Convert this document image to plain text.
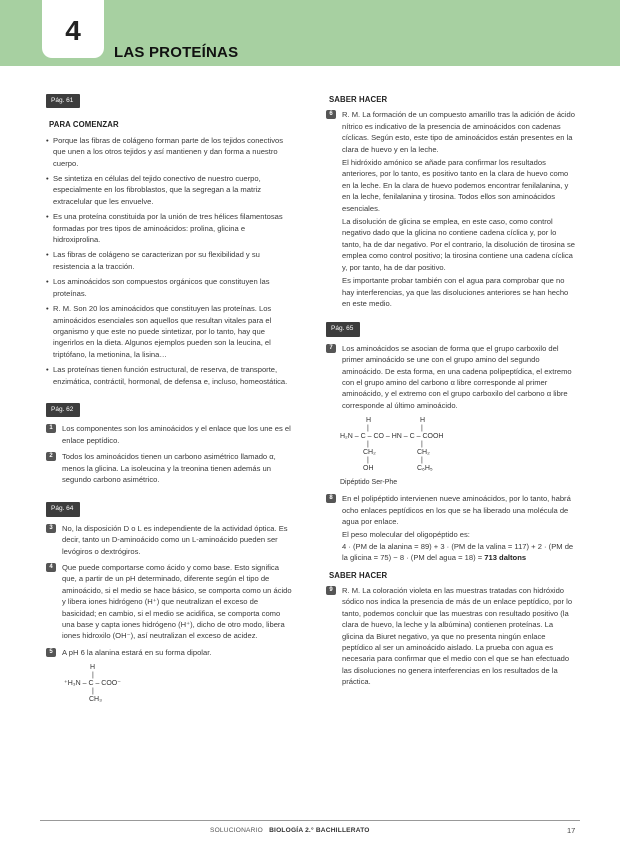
4
LAS PROTEÍNAS
Pág. 61
PARA COMENZAR
• Porque las fibras de colágeno forman parte de los tejidos conectivos que unen a los otros tejidos y así mantienen y dan forma a nuestro cuerpo.
• Se sintetiza en células del tejido conectivo de nuestro cuerpo, especialmente en los fibroblastos, que la segregan a la matriz extracelular que les envuelve.
• Es una proteína constituida por la unión de tres hélices filamentosas formadas por tres tipos de aminoácidos: prolina, glicina e hidroxiprolina.
• Las fibras de colágeno se caracterizan por su flexibilidad y su resistencia a la tracción.
• Los aminoácidos son compuestos orgánicos que constituyen las proteínas.
• R. M. Son 20 los aminoácidos que constituyen las proteínas. Los aminoácidos esenciales son aquellos que resultan vitales para el organismo y que este no puede sintetizar, por lo tanto, hay que ingerirlos en la dieta. Algunos ejemplos pueden son la leucina, el triptófano, la metionina, la lisina…
• Las proteínas tienen función estructural, de reserva, de transporte, enzimática, contráctil, hormonal, de defensa e, incluso, homeostática.
Pág. 62
1	Los componentes son los aminoácidos y el enlace que los une es el enlace peptídico.
2	Todos los aminoácidos tienen un carbono asimétrico llamado α, menos la glicina. La isoleucina y la treonina tienen además un segundo carbono asimétrico.
Pág. 64
3	No, la disposición D o L es independiente de la actividad óptica. Es decir, tanto un D-aminoácido como un L-aminoácido pueden ser levógiros o dextrógiros.
4	Que puede comportarse como ácido y como base. Esto significa que, a partir de un pH determinado, diferente según el tipo de aminoácido, si el medio se hace básico, se comporta como un ácido y libera iones hidrógeno (H⁺) que neutralizan el exceso de basicidad; en cambio, si el medio se acidifica, se comporta como una base y capta iones hidrógeno (H⁺), dicho de otro modo, libera iones hidroxilo (OH⁻), así neutralizan el exceso de acidez.
5	A pH 6 la alanina estará en su forma dipolar.
H
|
⁺H₃N – C – COO⁻
|
CH₃
SABER HACER
6	R. M. La formación de un compuesto amarillo tras la adición de ácido nítrico es indicativo de la presencia de aminoácidos con cadenas cíclicas. Según esto, este tipo de aminoácidos están presentes en la clara de huevo y en la leche.

El hidróxido amónico se añade para confirmar los resultados anteriores, por lo tanto, es positivo tanto en la clara de huevo como en la leche. En la clara de huevo podemos encontrar fenilalanina, y en la leche, fenilalanina y tirosina. Todos ellos son aminoácidos esenciales.

La disolución de glicina se emplea, en este caso, como control negativo dado que la glicina no contiene cadena cíclica y, por lo tanto, ha de dar negativo. Por el contrario, la disolución de tirosina se emplea como control positivo; la tirosina contiene una cadena cíclica y, por tanto, ha de dar positivo.

Es importante probar también con el agua para comprobar que no hay interferencias, ya que las disoluciones anteriores se han hecho en este medio.

Pág. 65
7	Los aminoácidos se asocian de forma que el grupo carboxilo del primer aminoácido se une con el grupo amino del segundo aminoácido. De esta forma, en una cadena polipeptídica, el extremo con el grupo amino del carbono α libre corresponde al primer aminoácido, y el extremo con el grupo carboxilo del carbono α libre corresponde al último aminoácido.
H	H
|	|
H₂N – C – CO – HN – C – COOH
|	|
CH₂	CH₂
|	|
OH	C₆H₅
Dipéptido Ser-Phe
8	En el polipéptido intervienen nueve aminoácidos, por lo tanto, habrá ocho enlaces peptídicos en los que se ha liberado una molécula de agua por enlace.

El peso molecular del oligopéptido es:

4 · (PM de la alanina = 89) + 3 · (PM de la valina = 117) + 2 · (PM de la glicina = 75) − 8 · (PM del agua = 18) = 713 daltons

SABER HACER
9	R. M. La coloración violeta en las muestras tratadas con hidróxido sódico nos indica la presencia de más de un enlace peptídico, por lo tanto, podemos concluir que las muestras con resultado positivo (la clara de huevo, la leche y la albúmina) contienen proteínas. La glicina da Biuret negativo, ya que no presenta ningún enlace peptídico al ser un aminoácido aislado. La prueba con agua es necesaria para confirmar que el medio con el que se han efectuado las disoluciones no genera interferencias en los resultados de la práctica.
SOLUCIONARIO BIOLOGÍA 2.° BACHILLERATO	17
